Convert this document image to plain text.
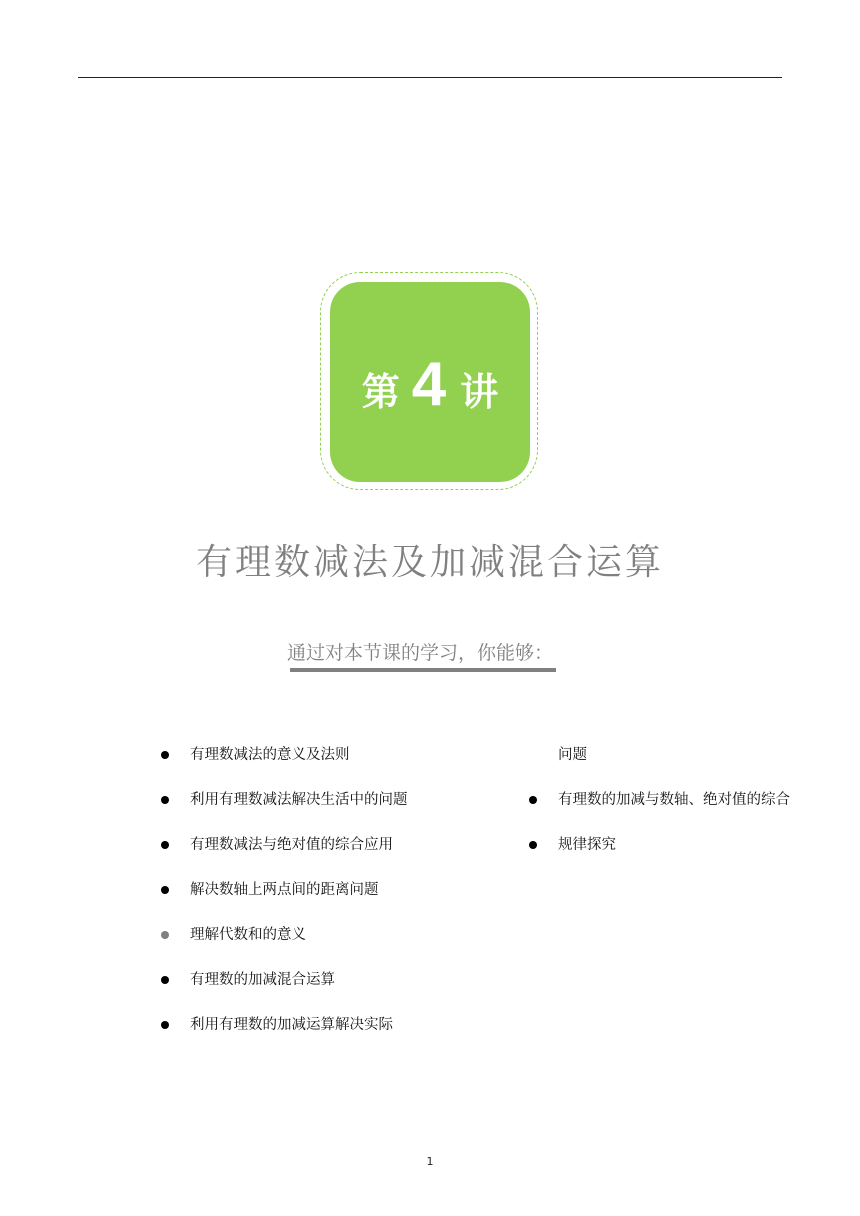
第 4 讲
有理数减法及加减混合运算
通过对本节课的学习，你能够：
有理数减法的意义及法则
利用有理数减法解决生活中的问题
有理数减法与绝对值的综合应用
解决数轴上两点间的距离问题
理解代数和的意义
有理数的加减混合运算
利用有理数的加减运算解决实际
问题
有理数的加减与数轴、绝对值的综合
规律探究
1
